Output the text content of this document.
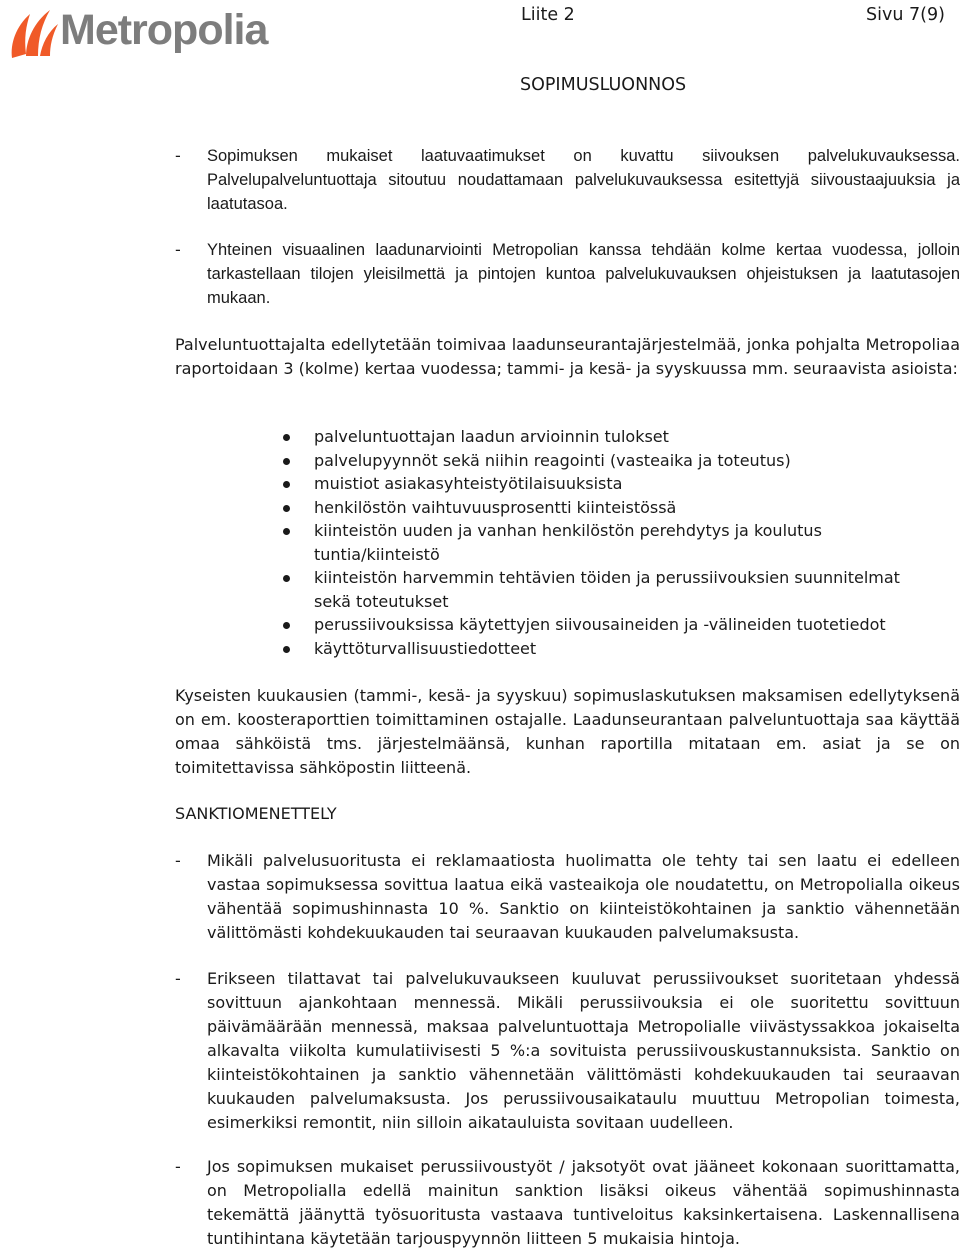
Metropolia	Liite 2	Sivu 7(9)
SOPIMUSLUONNOS
- Sopimuksen mukaiset laatuvaatimukset on kuvattu siivouksen palvelukuvauksessa. Palvelupalveluntuottaja sitoutuu noudattamaan palvelukuvauksessa esitettyjä siivoustaajuuksia ja laatutasoa.
- Yhteinen visuaalinen laadunarviointi Metropolian kanssa tehdään kolme kertaa vuodessa, jolloin tarkastellaan tilojen yleisilmettä ja pintojen kuntoa palvelukuvauksen ohjeistuksen ja laatutasojen mukaan.
Palveluntuottajalta edellytetään toimivaa laadunseurantajärjestelmää, jonka pohjalta Metropoliaa raportoidaan 3 (kolme) kertaa vuodessa; tammi- ja kesä- ja syyskuussa mm. seuraavista asioista:
palveluntuottajan laadun arvioinnin tulokset
palvelupyynnöt sekä niihin reagointi (vasteaika ja toteutus)
muistiot asiakasyhteistyötilaisuuksista
henkilöstön vaihtuvuusprosentti kiinteistössä
kiinteistön uuden ja vanhan henkilöstön perehdytys ja koulutus tuntia/kiinteistö
kiinteistön harvemmin tehtävien töiden ja perussiivouksien suunnitelmat sekä toteutukset
perussiivouksissa käytettyjen siivousaineiden ja -välineiden tuotetiedot
käyttöturvallisuustiedotteet
Kyseisten kuukausien (tammi-, kesä- ja syyskuu) sopimuslaskutuksen maksamisen edellytyksenä on em. koosteraporttien toimittaminen ostajalle. Laadunseurantaan palveluntuottaja saa käyttää omaa sähköistä tms. järjestelmäänsä, kunhan raportilla mitataan em. asiat ja se on toimitettavissa sähköpostin liitteenä.
SANKTIOMENETTELY
- Mikäli palvelusuoritusta ei reklamaatiosta huolimatta ole tehty tai sen laatu ei edelleen vastaa sopimuksessa sovittua laatua eikä vasteaikoja ole noudatettu, on Metropolialla oikeus vähentää sopimushinnasta 10 %. Sanktio on kiinteistökohtainen ja sanktio vähennetään välittömästi kohdekuukauden tai seuraavan kuukauden palvelumaksusta.
- Erikseen tilattavat tai palvelukuvaukseen kuuluvat perussiivoukset suoritetaan yhdessä sovittuun ajankohtaan mennessä. Mikäli perussiivouksia ei ole suoritettu sovittuun päivämäärään mennessä, maksaa palveluntuottaja Metropolialle viivästyssakkoa jokaiselta alkavalta viikolta kumulatiivisesti 5 %:a sovituista perussiivouskustannuksista. Sanktio on kiinteistökohtainen ja sanktio vähennetään välittömästi kohdekuukauden tai seuraavan kuukauden palvelumaksusta. Jos perussiivousaikataulu muuttuu Metropolian toimesta, esimerkiksi remontit, niin silloin aikatauluista sovitaan uudelleen.
- Jos sopimuksen mukaiset perussiivoustyöt / jaksotyöt ovat jääneet kokonaan suorittamatta, on Metropolialla edellä mainitun sanktion lisäksi oikeus vähentää sopimushinnasta tekemättä jäänyttä työsuoritusta vastaava tuntiveloitus kaksinkertaisena. Laskennallisena tuntihintana käytetään tarjouspyynnön liitteen 5 mukaisia hintoja.
